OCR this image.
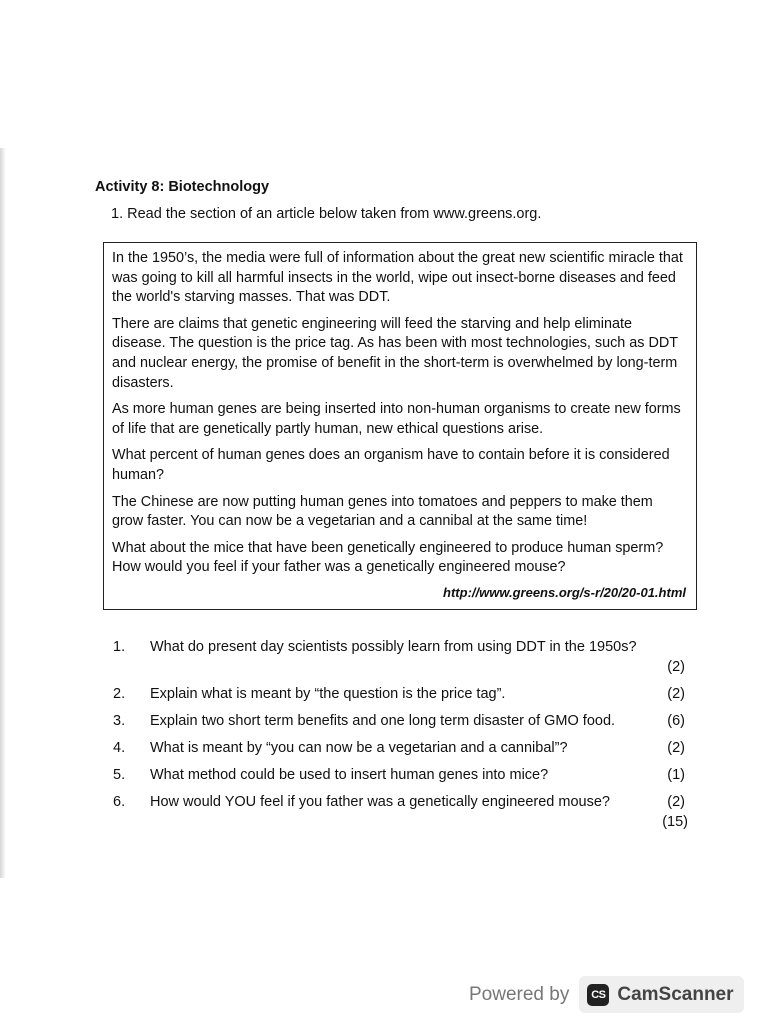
Activity 8: Biotechnology

1. Read the section of an article below taken from www.greens.org.

In the 1950’s, the media were full of information about the great new scientific miracle that was going to kill all harmful insects in the world, wipe out insect-borne diseases and feed the world's starving masses. That was DDT.

There are claims that genetic engineering will feed the starving and help eliminate disease. The question is the price tag. As has been with most technologies, such as DDT and nuclear energy, the promise of benefit in the short-term is overwhelmed by long-term disasters.

As more human genes are being inserted into non-human organisms to create new forms of life that are genetically partly human, new ethical questions arise.

What percent of human genes does an organism have to contain before it is considered human?

The Chinese are now putting human genes into tomatoes and peppers to make them grow faster. You can now be a vegetarian and a cannibal at the same time!

What about the mice that have been genetically engineered to produce human sperm? How would you feel if your father was a genetically engineered mouse?

http://www.greens.org/s-r/20/20-01.html
1. What do present day scientists possibly learn from using DDT in the 1950s?
(2)
2. Explain what is meant by “the question is the price tag”.	(2)
3. Explain two short term benefits and one long term disaster of GMO food.	(6)
4. What is meant by “you can now be a vegetarian and a cannibal”?	(2)
5. What method could be used to insert human genes into mice?	(1)
6. How would YOU feel if you father was a genetically engineered mouse?	(2)
(15)
Powered by	CS CamScanner
